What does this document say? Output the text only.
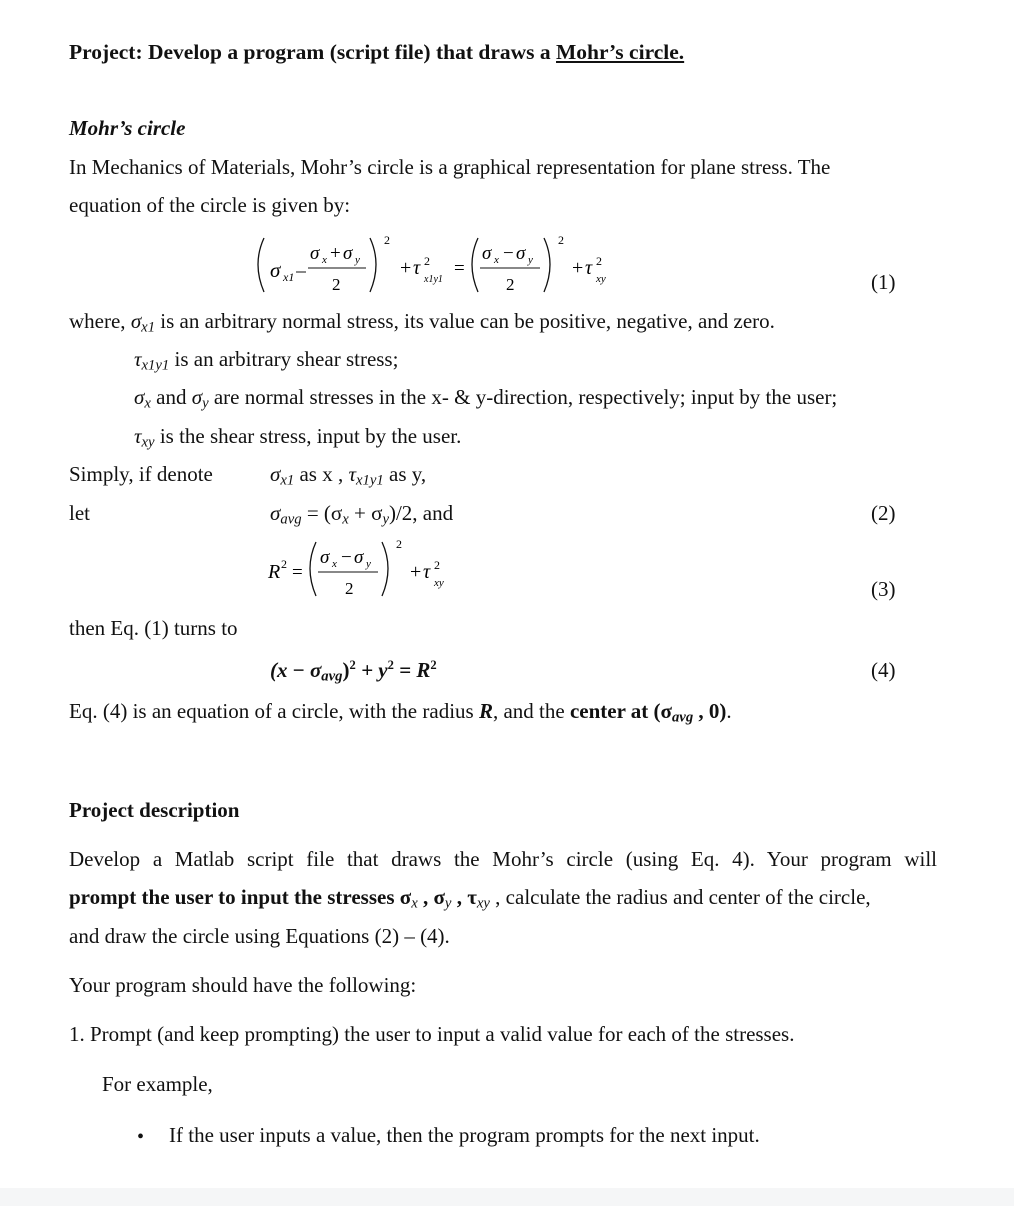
Project: Develop a program (script file) that draws a Mohr’s circle.
Mohr’s circle
In Mechanics of Materials, Mohr’s circle is a graphical representation for plane stress. The
equation of the circle is given by:
σ x1
σ x + σ y
2
2
+ τ 2
x1y1
=
σ x − σ y
2
2
+ τ 2
xy	(1)
where, $\sigma_{x1}$ is an arbitrary normal stress, its value can be positive, negative, and zero.
$\tau_{x1y1}$ is an arbitrary shear stress;
$\sigma_x$ and $\sigma_y$ are normal stresses in the x- & y-direction, respectively; input by the user;
$\tau_{xy}$ is the shear stress, input by the user.
Simply, if denote	$\sigma_{x1}$ as x , $\tau_{x1y1}$ as y,
let	$\sigma_{avg} = (\sigma_x + \sigma_y)/2$, and	(2)
R 2 =
σ x − σ y
2
2
+ τ 2
xy	(3)
then Eq. (1) turns to
$(x - \sigma_{avg})^2 + y^2 = R^2$	(4)
Eq. (4) is an equation of a circle, with the radius R, and the center at ($\sigma_{avg}$ , 0).
Project description
Develop a Matlab script file that draws the Mohr’s circle (using Eq. 4). Your program will
prompt the user to input the stresses $\sigma_x$ , $\sigma_y$ , $\tau_{xy}$ , calculate the radius and center of the circle,
and draw the circle using Equations (2) – (4).
Your program should have the following:
1. Prompt (and keep prompting) the user to input a valid value for each of the stresses.
For example,
• If the user inputs a value, then the program prompts for the next input.
